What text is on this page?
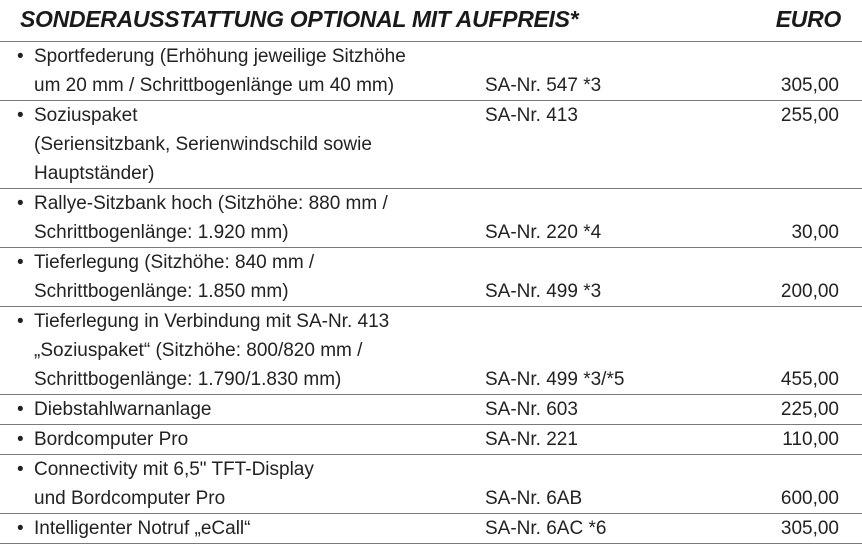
SONDERAUSSTATTUNG OPTIONAL MIT AUFPREIS*	EURO
• Sportfederung (Erhöhung jeweilige Sitzhöhe
um 20 mm / Schrittbogenlänge um 40 mm)	SA-Nr. 547 *3	305,00
• Soziuspaket
(Seriensitzbank, Serienwindschild sowie
Hauptständer)
SA-Nr. 413	255,00
• Rallye-Sitzbank hoch (Sitzhöhe: 880 mm /
Schrittbogenlänge: 1.920 mm)	SA-Nr. 220 *4	30,00
• Tieferlegung (Sitzhöhe: 840 mm /
Schrittbogenlänge: 1.850 mm)	SA-Nr. 499 *3	200,00
• Tieferlegung in Verbindung mit SA-Nr. 413
„Soziuspaket“ (Sitzhöhe: 800/820 mm /
Schrittbogenlänge: 1.790/1.830 mm)	SA-Nr. 499 *3/*5	455,00
• Diebstahlwarnanlage	SA-Nr. 603	225,00
• Bordcomputer Pro	SA-Nr. 221	110,00
• Connectivity mit 6,5" TFT-Display
und Bordcomputer Pro	SA-Nr. 6AB	600,00
• Intelligenter Notruf „eCall“	SA-Nr. 6AC *6	305,00
